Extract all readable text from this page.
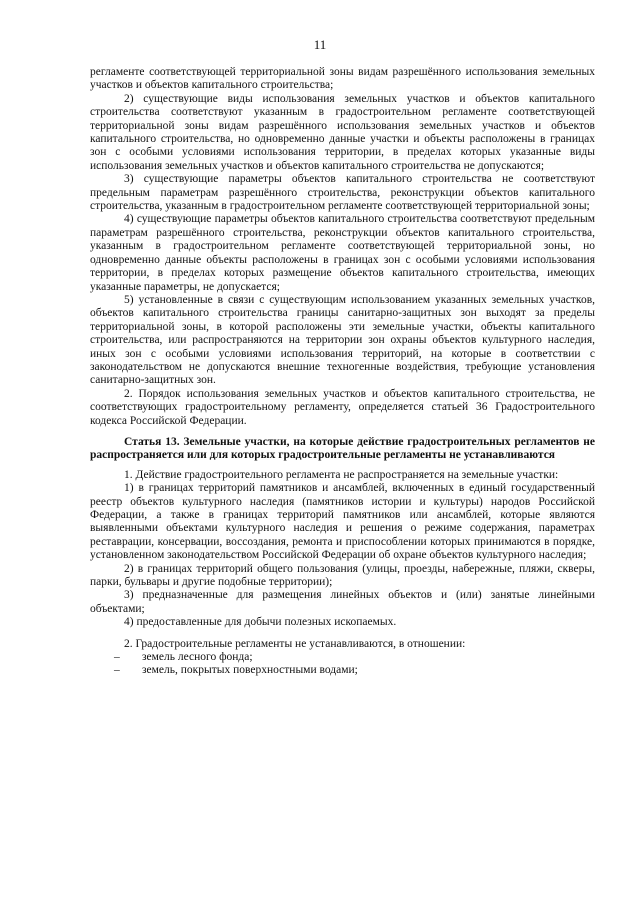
11

регламенте соответствующей территориальной зоны видам разрешённого использования земельных участков и объектов капитального строительства;

2) существующие виды использования земельных участков и объектов капитального строительства соответствуют указанным в градостроительном регламенте соответствующей территориальной зоны видам разрешённого использования земельных участков и объектов капитального строительства, но одновременно данные участки и объекты расположены в границах зон с особыми условиями использования территории, в пределах которых указанные виды использования земельных участков и объектов капитального строительства не допускаются;

3) существующие параметры объектов капитального строительства не соответствуют предельным параметрам разрешённого строительства, реконструкции объектов капитального строительства, указанным в градостроительном регламенте соответствующей территориальной зоны;

4) существующие параметры объектов капитального строительства соответствуют предельным параметрам разрешённого строительства, реконструкции объектов капитального строительства, указанным в градостроительном регламенте соответствующей территориальной зоны, но одновременно данные объекты расположены в границах зон с особыми условиями использования территории, в пределах которых размещение объектов капитального строительства, имеющих указанные параметры, не допускается;

5) установленные в связи с существующим использованием указанных земельных участков, объектов капитального строительства границы санитарно-защитных зон выходят за пределы территориальной зоны, в которой расположены эти земельные участки, объекты капитального строительства, или распространяются на территории зон охраны объектов культурного наследия, иных зон с особыми условиями использования территорий, на которые в соответствии с законодательством не допускаются внешние техногенные воздействия, требующие установления санитарно-защитных зон.

2. Порядок использования земельных участков и объектов капитального строительства, не соответствующих градостроительному регламенту, определяется статьей 36 Градостроительного кодекса Российской Федерации.

Статья 13. Земельные участки, на которые действие градостроительных регламентов не распространяется или для которых градостроительные регламенты не устанавливаются

1. Действие градостроительного регламента не распространяется на земельные участки:

1) в границах территорий памятников и ансамблей, включенных в единый государственный реестр объектов культурного наследия (памятников истории и культуры) народов Российской Федерации, а также в границах территорий памятников или ансамблей, которые являются выявленными объектами культурного наследия и решения о режиме содержания, параметрах реставрации, консервации, воссоздания, ремонта и приспособлении которых принимаются в порядке, установленном законодательством Российской Федерации об охране объектов культурного наследия;

2) в границах территорий общего пользования (улицы, проезды, набережные, пляжи, скверы, парки, бульвары и другие подобные территории);

3) предназначенные для размещения линейных объектов и (или) занятые линейными объектами;

4) предоставленные для добычи полезных ископаемых.

2. Градостроительные регламенты не устанавливаются, в отношении:

– земель лесного фонда;
– земель, покрытых поверхностными водами;
